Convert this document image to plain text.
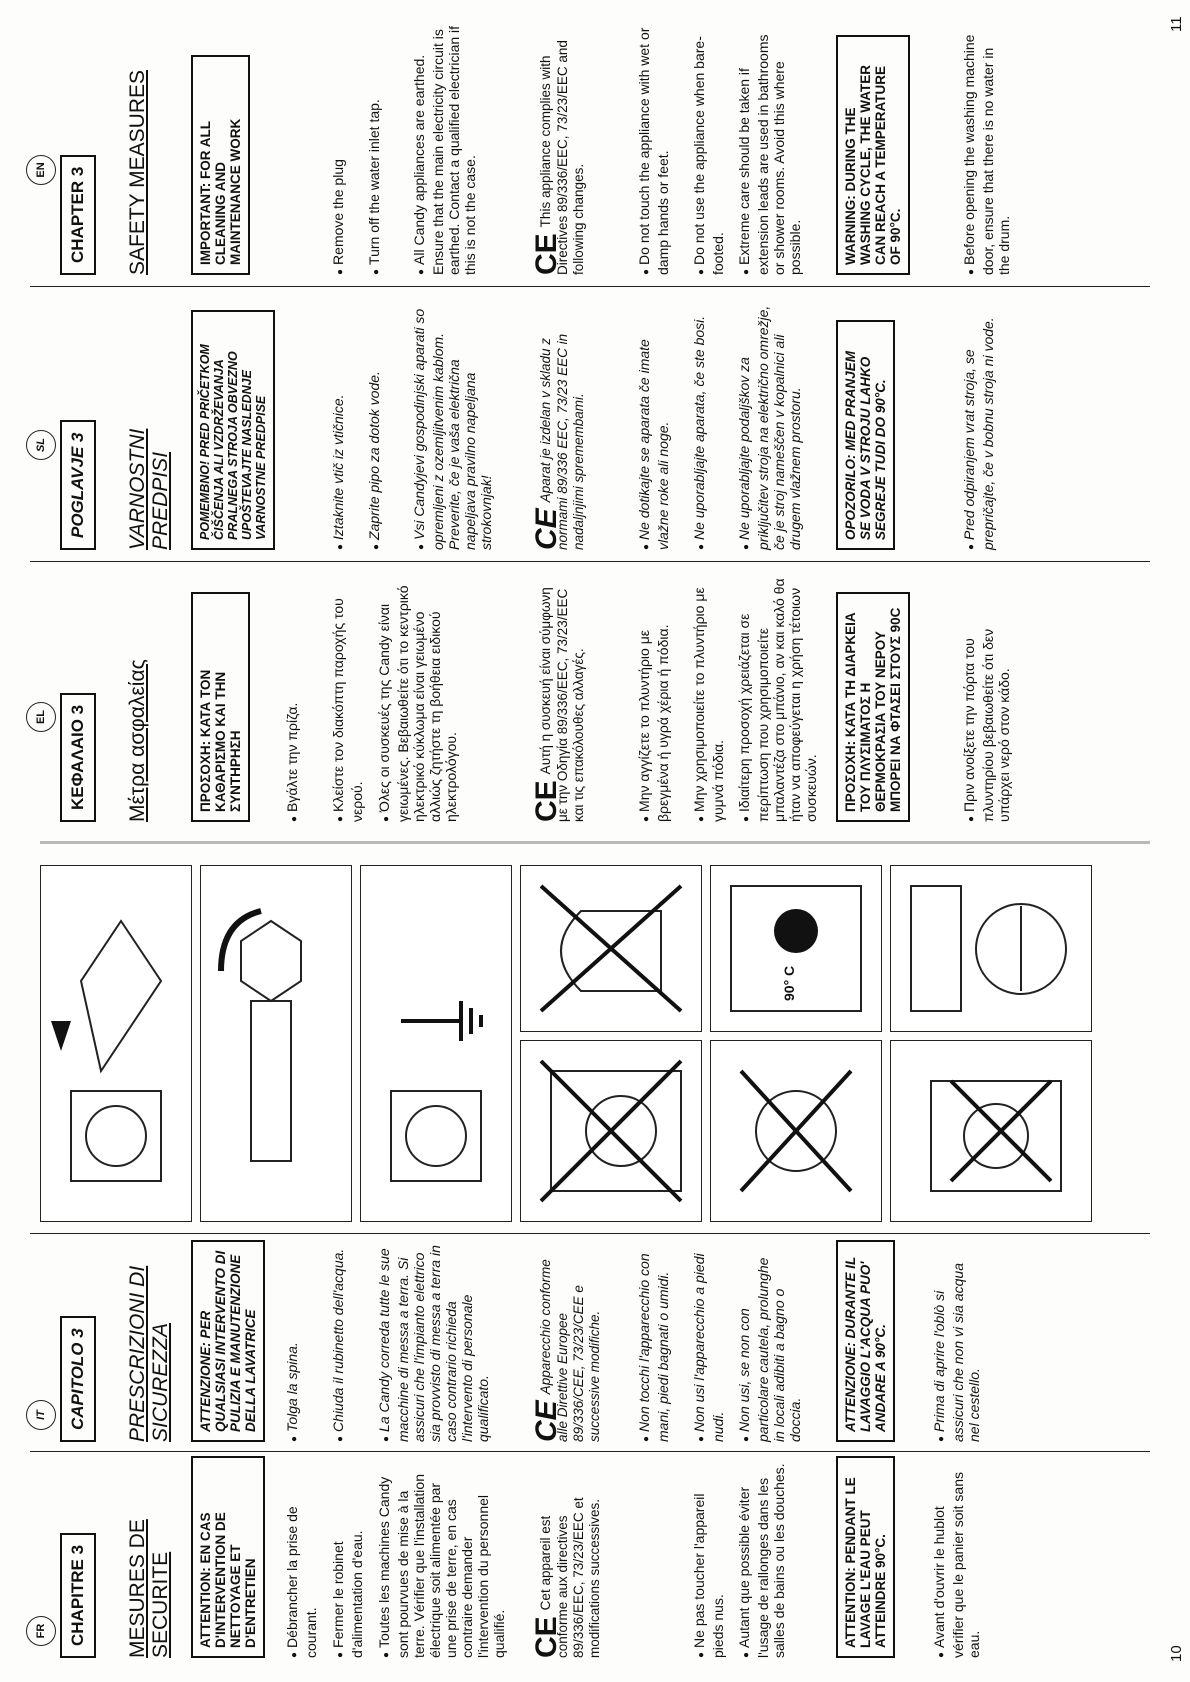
10
FR	CHAPITRE 3	MESURES DE SECURITE	ATTENTION: EN CAS D'INTERVENTION DE NETTOYAGE ET D'ENTRETIEN	● Débrancher la prise de courant. ● Fermer le robinet d'alimentation d'eau. ● Toutes les machines Candy sont pourvues de mise à la terre. Vérifier que l'installation électrique soit alimentée par une prise de terre, en cas contraire demander l'intervention du personnel qualifié. CECet appareil est conforme aux directives 89/336/EEC, 73/23/EEC et modifications successives.	● Ne pas toucher l'appareil pieds nus. ● Autant que possible éviter l'usage de rallonges dans les salles de bains ou les douches.	ATTENTION: PENDANT LE LAVAGE L'EAU PEUT ATTEINDRE 90°C.	● Avant d'ouvrir le hublot vérifier que le panier soit sans eau.
IT	CAPITOLO 3	PRESCRIZIONI DI SICUREZZA	ATTENZIONE: PER QUALSIASI INTERVENTO DI PULIZIA E MANUTENZIONE DELLA LAVATRICE	● Tolga la spina. ● Chiuda il rubinetto dell'acqua. ● La Candy correda tutte le sue macchine di messa a terra. Si assicuri che l'impianto elettrico sia provvisto di messa a terra in caso contrario richieda l'intervento di personale qualificato. CEApparecchio conforme alle Direttive Europee 89/336/CEE, 73/23/CEE e successive modifiche. ● Non tocchi l'apparecchio con mani, piedi bagnati o umidi. ● Non usi l'apparecchio a piedi nudi. ● Non usi, se non con particolare cautela, prolunghe in locali adibiti a bagno o doccia.	ATTENZIONE: DURANTE IL LAVAGGIO L'ACQUA PUO' ANDARE A 90°C.	● Prima di aprire l'oblò si assicuri che non vi sia acqua nel cestello.
90° C
11
EL	ΚΕΦΑΛΑΙΟ 3	Μέτρα ασφαλείας	ΠΡΟΣΟΧΗ: ΚΑΤΑ ΤΟΝ ΚΑΘΑΡΙΣΜΟ ΚΑΙ ΤΗΝ ΣΥΝΤΗΡΗΣΗ	● Βγάλτε την πρίζα. ● Κλείστε τον διακόπτη παροχής του νερού. ● Όλες οι συσκευές της Candy είναι γειωμένες. Βεβαιωθείτε ότι το κεντρικό ηλεκτρικό κύκλωμα είναι γειωμένο αλλιώς ζητήστε τη βοήθεια ειδικού ηλεκτρολόγου. CEΑυτή η συσκευή είναι σύμφωνη με την Οδηγία 89/336/EEC, 73/23/EEC και τις επακόλουθες αλλαγές.	● Μην αγγίζετε το πλυντήριο με βρεγμένα ή υγρά χέρια ή πόδια. ● Μην χρησιμοποιείτε το πλυντήριο με γυμνά πόδια. ● Ιδιαίτερη προσοχή χρειάζεται σε περίπτωση που χρησιμοποιείτε μπαλαντέζα στο μπάνιο, αν και καλό θα ήταν να αποφεύγεται η χρήση τέτοιων συσκευών.	ΠΡΟΣΟΧΗ: ΚΑΤΑ ΤΗ ΔΙΑΡΚΕΙΑ ΤΟΥ ΠΛΥΣΙΜΑΤΟΣ Η ΘΕΡΜΟΚΡΑΣΙΑ ΤΟΥ ΝΕΡΟΥ ΜΠΟΡΕΙ ΝΑ ΦΤΑΣΕΙ ΣΤΟΥΣ 90C	● Πριν ανοίξετε την πόρτα του πλυντηρίου βεβαιωθείτε ότι δεν υπάρχει νερό στον κάδο.
SL	POGLAVJE 3	VARNOSTNI PREDPISI	POMEMBNO! PRED PRIČETKOM ČIŠČENJA ALI VZDRŽEVANJA PRALNEGA STROJA OBVEZNO UPOŠTEVAJTE NASLEDNJE VARNOSTNE PREDPISE	● Iztaknite vtič iz vtičnice. ● Zaprite pipo za dotok vode. ● Vsi Candyjevi gospodinjski aparati so opremljeni z ozemljitvenim kablom. Preverite, če je vaša električna napeljava pravilno napeljana strokovnjak! CEAparat je izdelan v skladu z normami 89/336 EEC, 73/23 EEC in nadaljnjimi spremembami.	● Ne dotikajte se aparata če imate vlažne roke ali noge. ● Ne uporabljajte aparata, če ste bosi. ● Ne uporabljajte podaljškov za priključitev stroja na električno omrežje, če je stroj nameščen v kopalnici ali drugem vlažnem prostoru.	OPOZORILO: MED PRANJEM SE VODA V STROJU LAHKO SEGREJE TUDI DO 90°C.	● Pred odpiranjem vrat stroja, se prepričajte, če v bobnu stroja ni vode.
EN	CHAPTER 3	SAFETY MEASURES	IMPORTANT: FOR ALL CLEANING AND MAINTENANCE WORK	● Remove the plug ● Turn off the water inlet tap. ● All Candy appliances are earthed. Ensure that the main electricity circuit is earthed. Contact a qualified electrician if this is not the case. CEThis appliance complies with Directives 89/336/EEC, 73/23/EEC and following changes.	● Do not touch the appliance with wet or damp hands or feet. ● Do not use the appliance when bare-footed. ● Extreme care should be taken if extension leads are used in bathrooms or shower rooms. Avoid this where possible.	WARNING: DURING THE WASHING CYCLE, THE WATER CAN REACH A TEMPERATURE OF 90°C.	● Before opening the washing machine door, ensure that there is no water in the drum.
